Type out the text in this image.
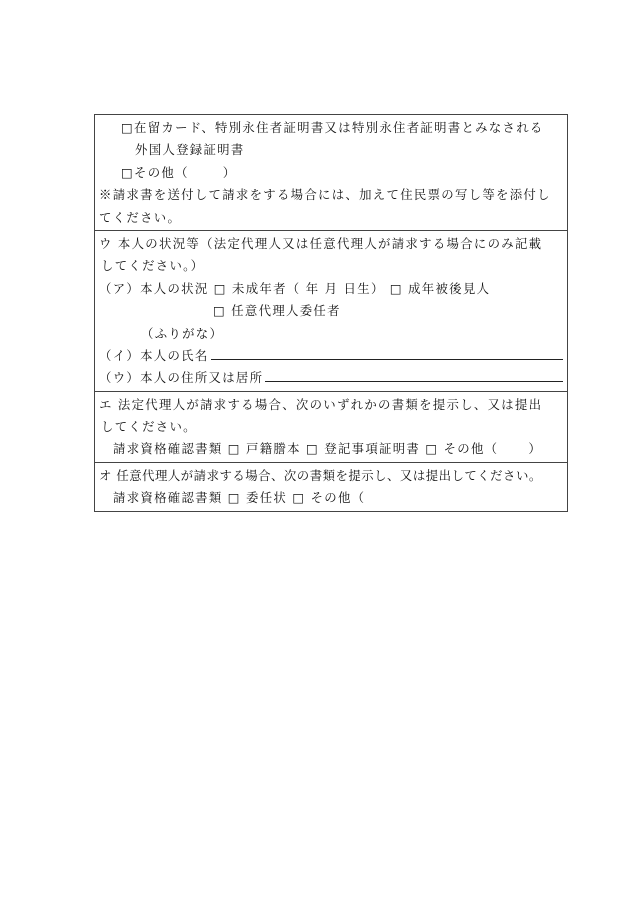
□在留カード、特別永住者証明書又は特別永住者証明書とみなされる
外国人登録証明書
□その他（	）
※請求書を送付して請求をする場合には、加えて住民票の写し等を添付し
てください。
ウ 本人の状況等（法定代理人又は任意代理人が請求する場合にのみ記載
してください。）
（ア）本人の状況 □ 未成年者（ 年 月 日生） □ 成年被後見人
□ 任意代理人委任者
（ふりがな）
（イ）本人の氏名
（ウ）本人の住所又は居所
エ 法定代理人が請求する場合、次のいずれかの書類を提示し、又は提出
してください。
請求資格確認書類 □ 戸籍謄本 □ 登記事項証明書 □ その他（ ）
オ 任意代理人が請求する場合、次の書類を提示し、又は提出してください。
請求資格確認書類 □ 委任状 □ その他（
